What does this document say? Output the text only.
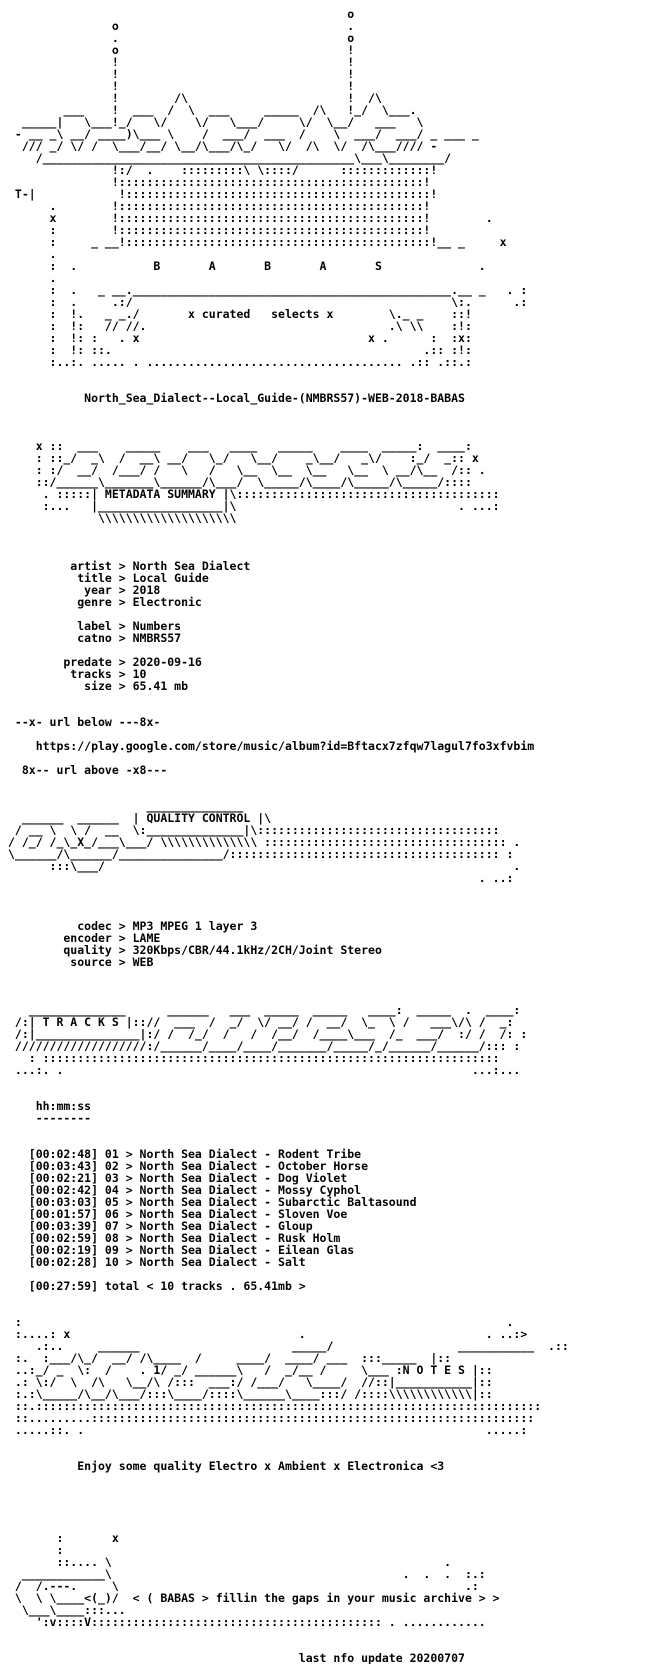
o
o                                 .
.                                 o
o                                 !
!                                 !
!                                 !
!                                 !
!        /\                       !  /\
___    !  ___  /  \  ___     _____  /\   !_/  \___.
_____|   \___!_/   \/    \/   \___/     \/  \__/   ___   \
- __ _\ __/ ____)\___ \    /  ___/  ___  /    \  ___/  ___/ _ ___ _
/// _/ \/ /  \___/__/ \__/\___/\_/   \/  /\  \/  /\___//// -
/_____________________________________________\___\________/
!:/  .    :::::::::\ \::::/      :::::::::::::!
!::::::::::::::::::::::::::::::::::::::::::::!
T-|            !::::::::::::::::::::::::::::::::::::::::::::!
.        !::::::::::::::::::::::::::::::::::::::::::::!
x        !::::::::::::::::::::::::::::::::::::::::::::!        .
:        !::::::::::::::::::::::::::::::::::::::::::::!
:     _ __!::::::::::::::::::::::::::::::::::::::::::::!__ _     x
.
:  .           B       A       B       A       S              .
.
:  .   _ __.______________________________________________.__ _   . :
:  .     .:/                                              \:.      .:
:  !.   _ _./       x curated   selects x        \._ _    ::!
:  !:   // //.                                   .\ \\    :!:
:  !: :   . x                                 x .      :  :x:
:  !: ::.                                             .:: :!:
:..:. ..... . ..................................... .:: .::.:
North_Sea_Dialect--Local_Guide-(NMBRS57)-WEB-2018-BABAS
x ::  ___    _____    ___   ____   _____    ____  _____:  ____:
: ::_/  _\  /  __\ __/   \_/   \__/    _\__/   _\/    :_/  _:: x
: :/  __/  /___/ /   \   /   \__  \__  \__   \__  \ __/\__  /:: .
::/______\_______\______/\___/  \_____/\____/\_____/\_____/::::
. :::::| METADATA SUMMARY |\::::::::::::::::::::::::::::::::::::::
:...   |__________________|\                                . ...:
\\\\\\\\\\\\\\\\\\\\
artist > North Sea Dialect
title > Local Guide
year > 2018
genre > Electronic
label > Numbers
catno > NMBRS57
predate > 2020-09-16
tracks > 10
size > 65.41 mb
--x- url below ---8x-
https://play.google.com/store/music/album?id=Bftacx7zfqw7lagul7fo3xfvbim
8x-- url above -x8---
______________
______  ______  | QUALITY CONTROL |\
/ __ \  \ /  __  \:______________|\:::::::::::::::::::::::::::::::::::
/ /_/ /_\_X_/___\___/ \\\\\\\\\\\\\\ ::::::::::::::::::::::::::::::::::: .
\______/\______/_______________/::::::::::::::::::::::::::::::::::::::: :
:::\___/                                                           .
. ..:
codec > MP3 MPEG 1 layer 3
encoder > LAME
quality > 320Kbps/CBR/44.1kHz/2CH/Joint Stereo
source > WEB
______________      ______   ___  _____  _____   ____:  _____  .  ____:
/:| T R A C K S |:://  ___  /  _/  \/ __/ /  __/  \_  \ /   ___\/\ /  _:
/:|_______________|:/ /  /_/  /   /  /__/  /____\___  /_  ___/  :/ /  /: :
///////////////////:/______/____/____/_______/_____/_/______/______/::: :
: ::::::::::::::::::::::::::::::::::::::::::::::::::::::::::::::::::
...:. .                                                           ...:...
hh:mm:ss
--------
[00:02:48] 01 > North Sea Dialect - Rodent Tribe
[00:03:43] 02 > North Sea Dialect - October Horse
[00:02:21] 03 > North Sea Dialect - Dog Violet
[00:02:42] 04 > North Sea Dialect - Mossy Cyphol
[00:03:03] 05 > North Sea Dialect - Subarctic Baltasound
[00:01:57] 06 > North Sea Dialect - Sloven Voe
[00:03:39] 07 > North Sea Dialect - Gloup
[00:02:59] 08 > North Sea Dialect - Rusk Holm
[00:02:19] 09 > North Sea Dialect - Eilean Glas
[00:02:28] 10 > North Sea Dialect - Salt
[00:27:59] total < 10 tracks . 65.41mb >
:                                                                      .
:....: x                                 .                          . ..:>
.:..     ______                      _____/                  ___________  .::
:.  :___/\_/  __/ /\____  /     ____/  ____/ ___  :::_____  |::
..:_/ _  \:  /    . 1/ _/ ______\   /  _/__ /     \___ :N O T E S |::
.: \:/  \  /\   \__/\ /:::  ___:/ /___/   \____/  //::|___________|::
:.:\_____/\__/\___/:::\____/::::\______\____:::/ /::::\\\\\\\\\\\\|::
::.:::::::::::::::::::::::::::::::::::::::::::::::::::::::::::::::::::::::::
::.........::::::::::::::::::::::::::::::::::::::::::::::::::::::::::::::::
.....::. .                                                          .....:
Enjoy some quality Electro x Ambient x Electronica <3
:       x
:
::.... \                                                .
____________\                                          .  .  .  :.:
/  /.---.     \                                                  .:
\  \ \____<(_)/  < ( BABAS > fillin the gaps in your music archive > >
\___\____:::...
':v::::V:::::::::::::::::::::::::::::::::::::::::: . ............
last nfo update 20200707
